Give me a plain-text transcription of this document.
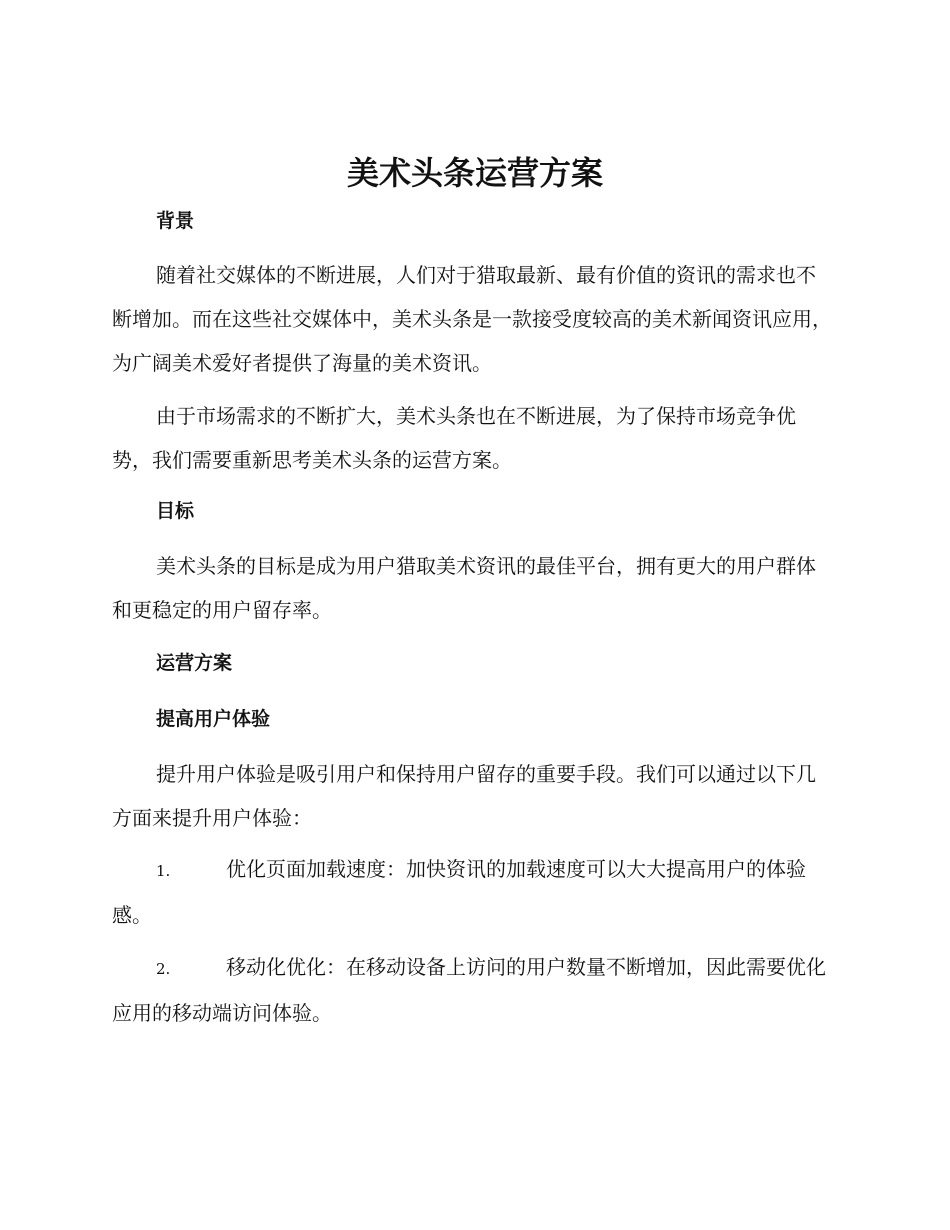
美术头条运营方案
背景
随着社交媒体的不断进展，人们对于猎取最新、最有价值的资讯的需求也不断增加。而在这些社交媒体中，美术头条是一款接受度较高的美术新闻资讯应用，为广阔美术爱好者提供了海量的美术资讯。
由于市场需求的不断扩大，美术头条也在不断进展，为了保持市场竞争优势，我们需要重新思考美术头条的运营方案。
目标
美术头条的目标是成为用户猎取美术资讯的最佳平台，拥有更大的用户群体和更稳定的用户留存率。
运营方案
提高用户体验
提升用户体验是吸引用户和保持用户留存的重要手段。我们可以通过以下几方面来提升用户体验：
1.	优化页面加载速度：加快资讯的加载速度可以大大提高用户的体验感。
2.	移动化优化：在移动设备上访问的用户数量不断增加，因此需要优化应用的移动端访问体验。
